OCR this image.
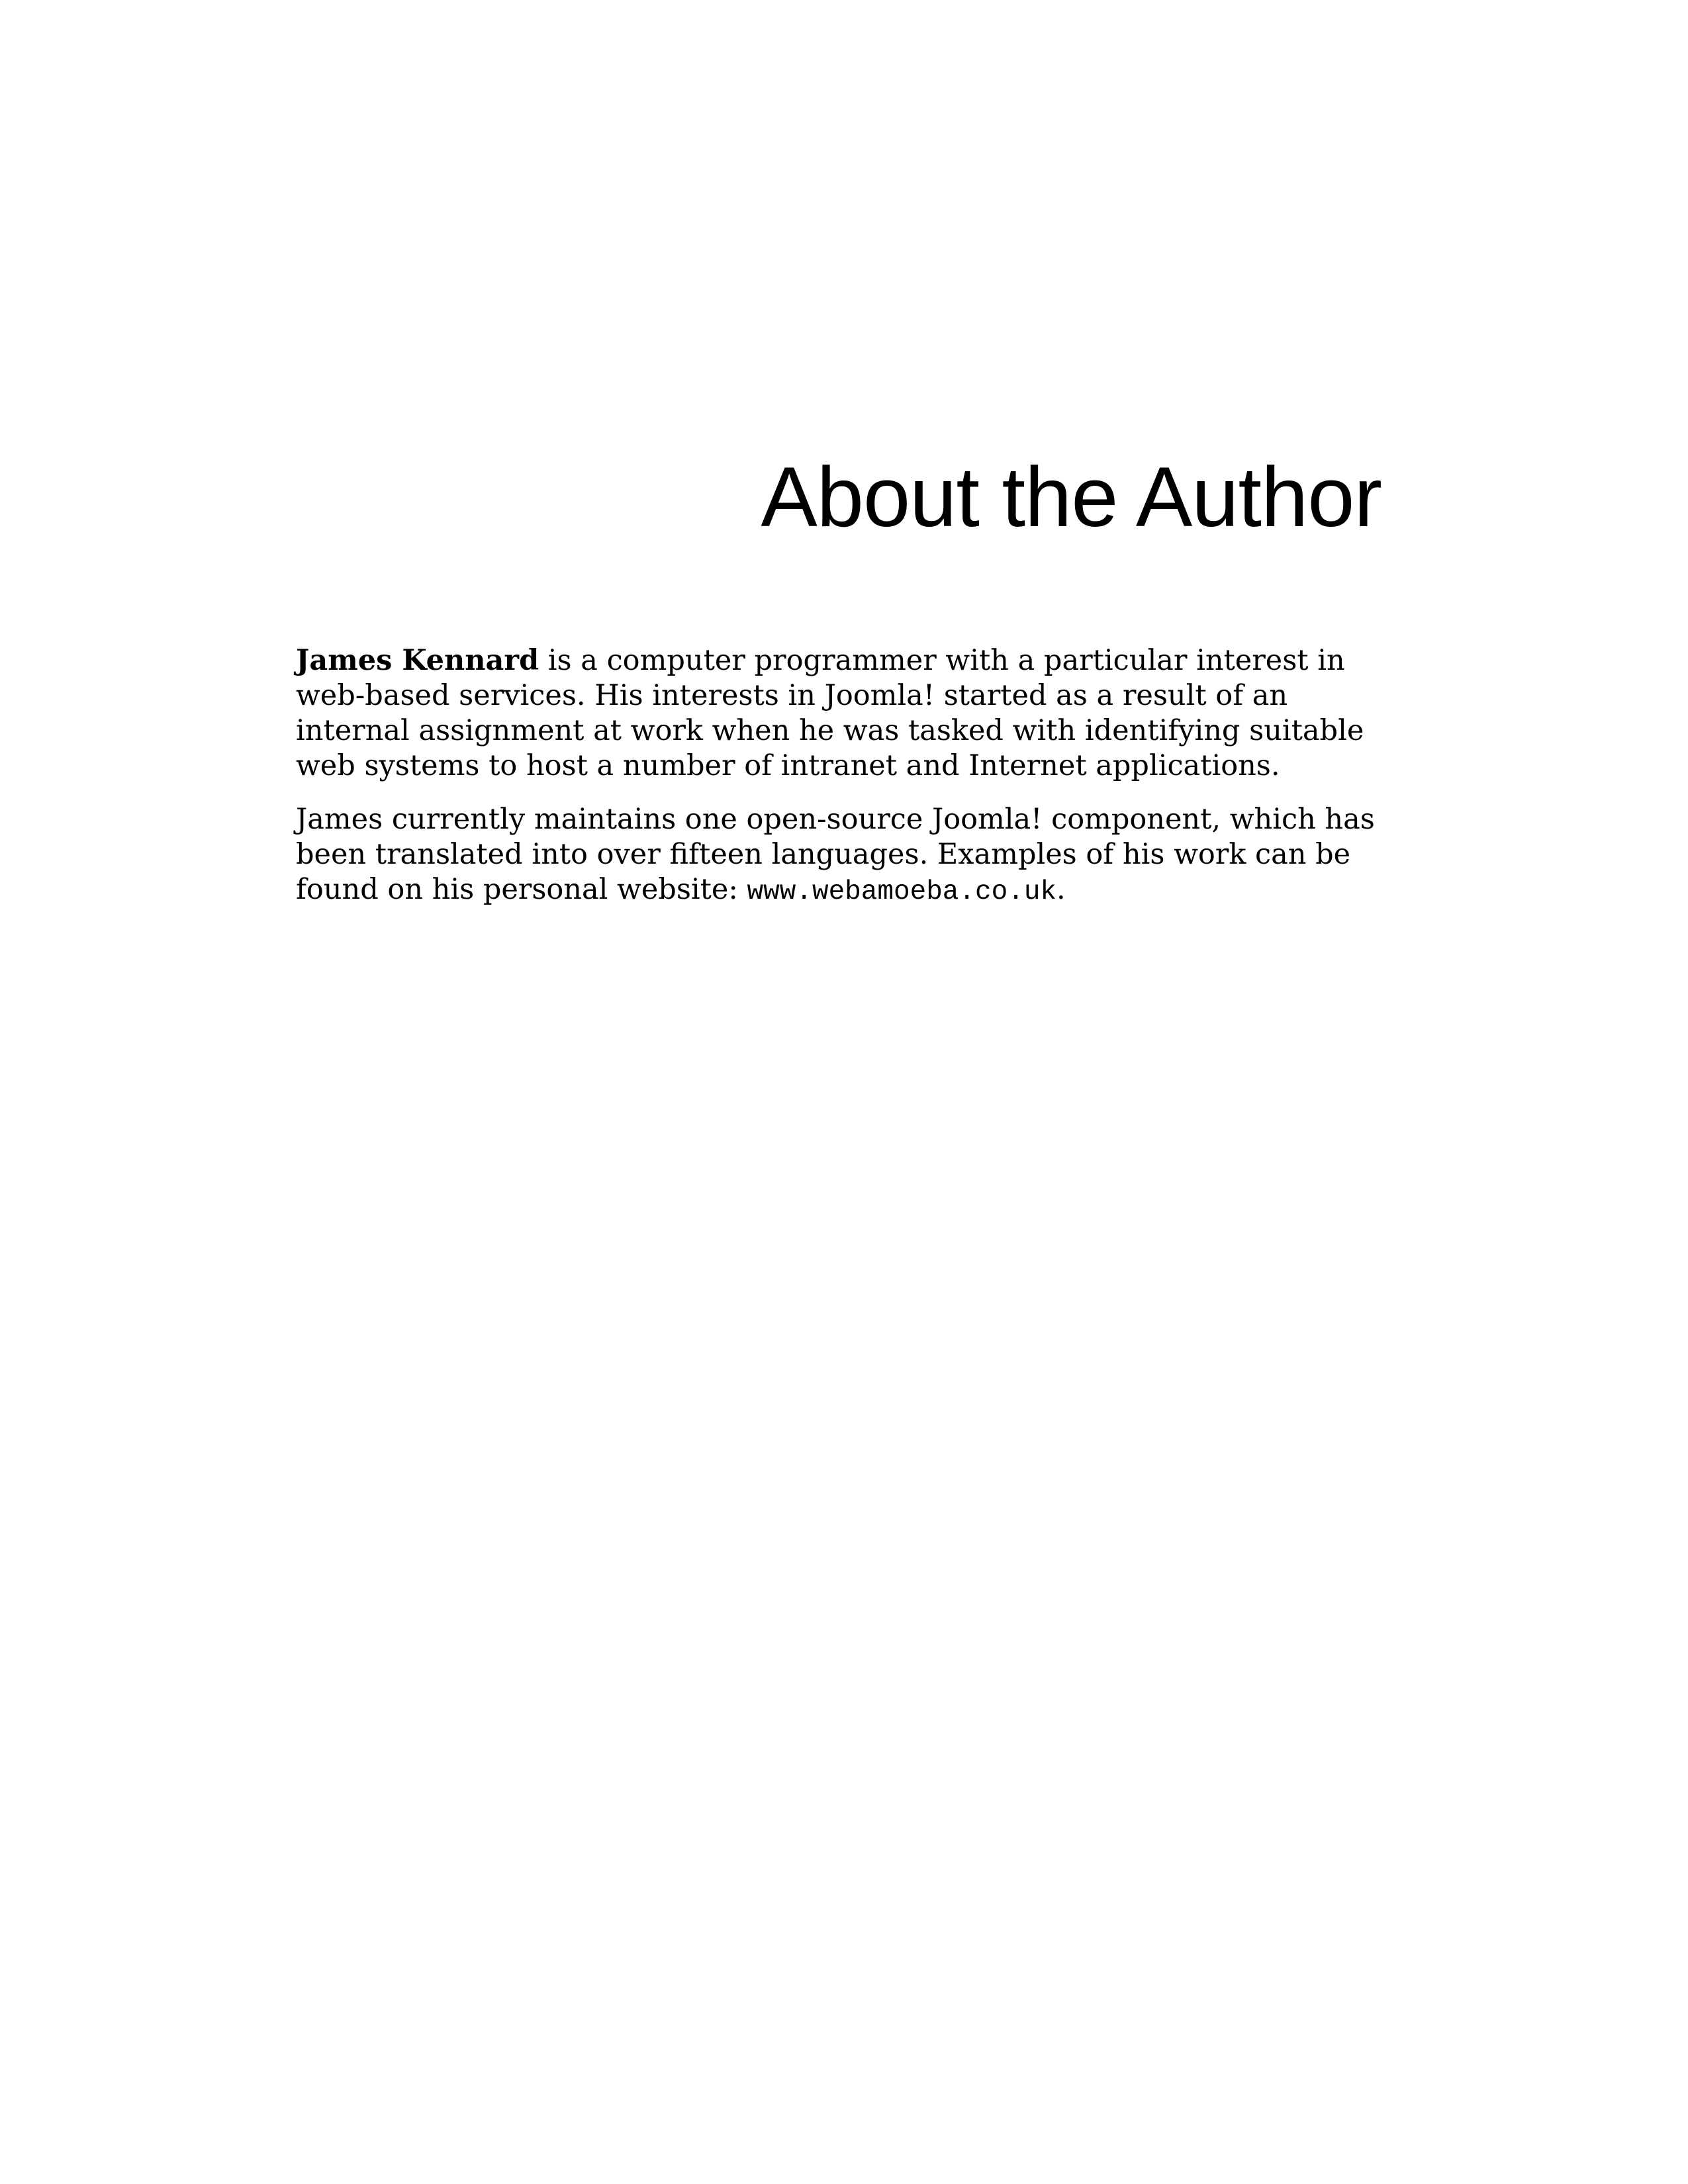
About the Author

James Kennard is a computer programmer with a particular interest in web-based services. His interests in Joomla! started as a result of an internal assignment at work when he was tasked with identifying suitable web systems to host a number of intranet and Internet applications.

James currently maintains one open-source Joomla! component, which has been translated into over fifteen languages. Examples of his work can be found on his personal website: www.webamoeba.co.uk.
